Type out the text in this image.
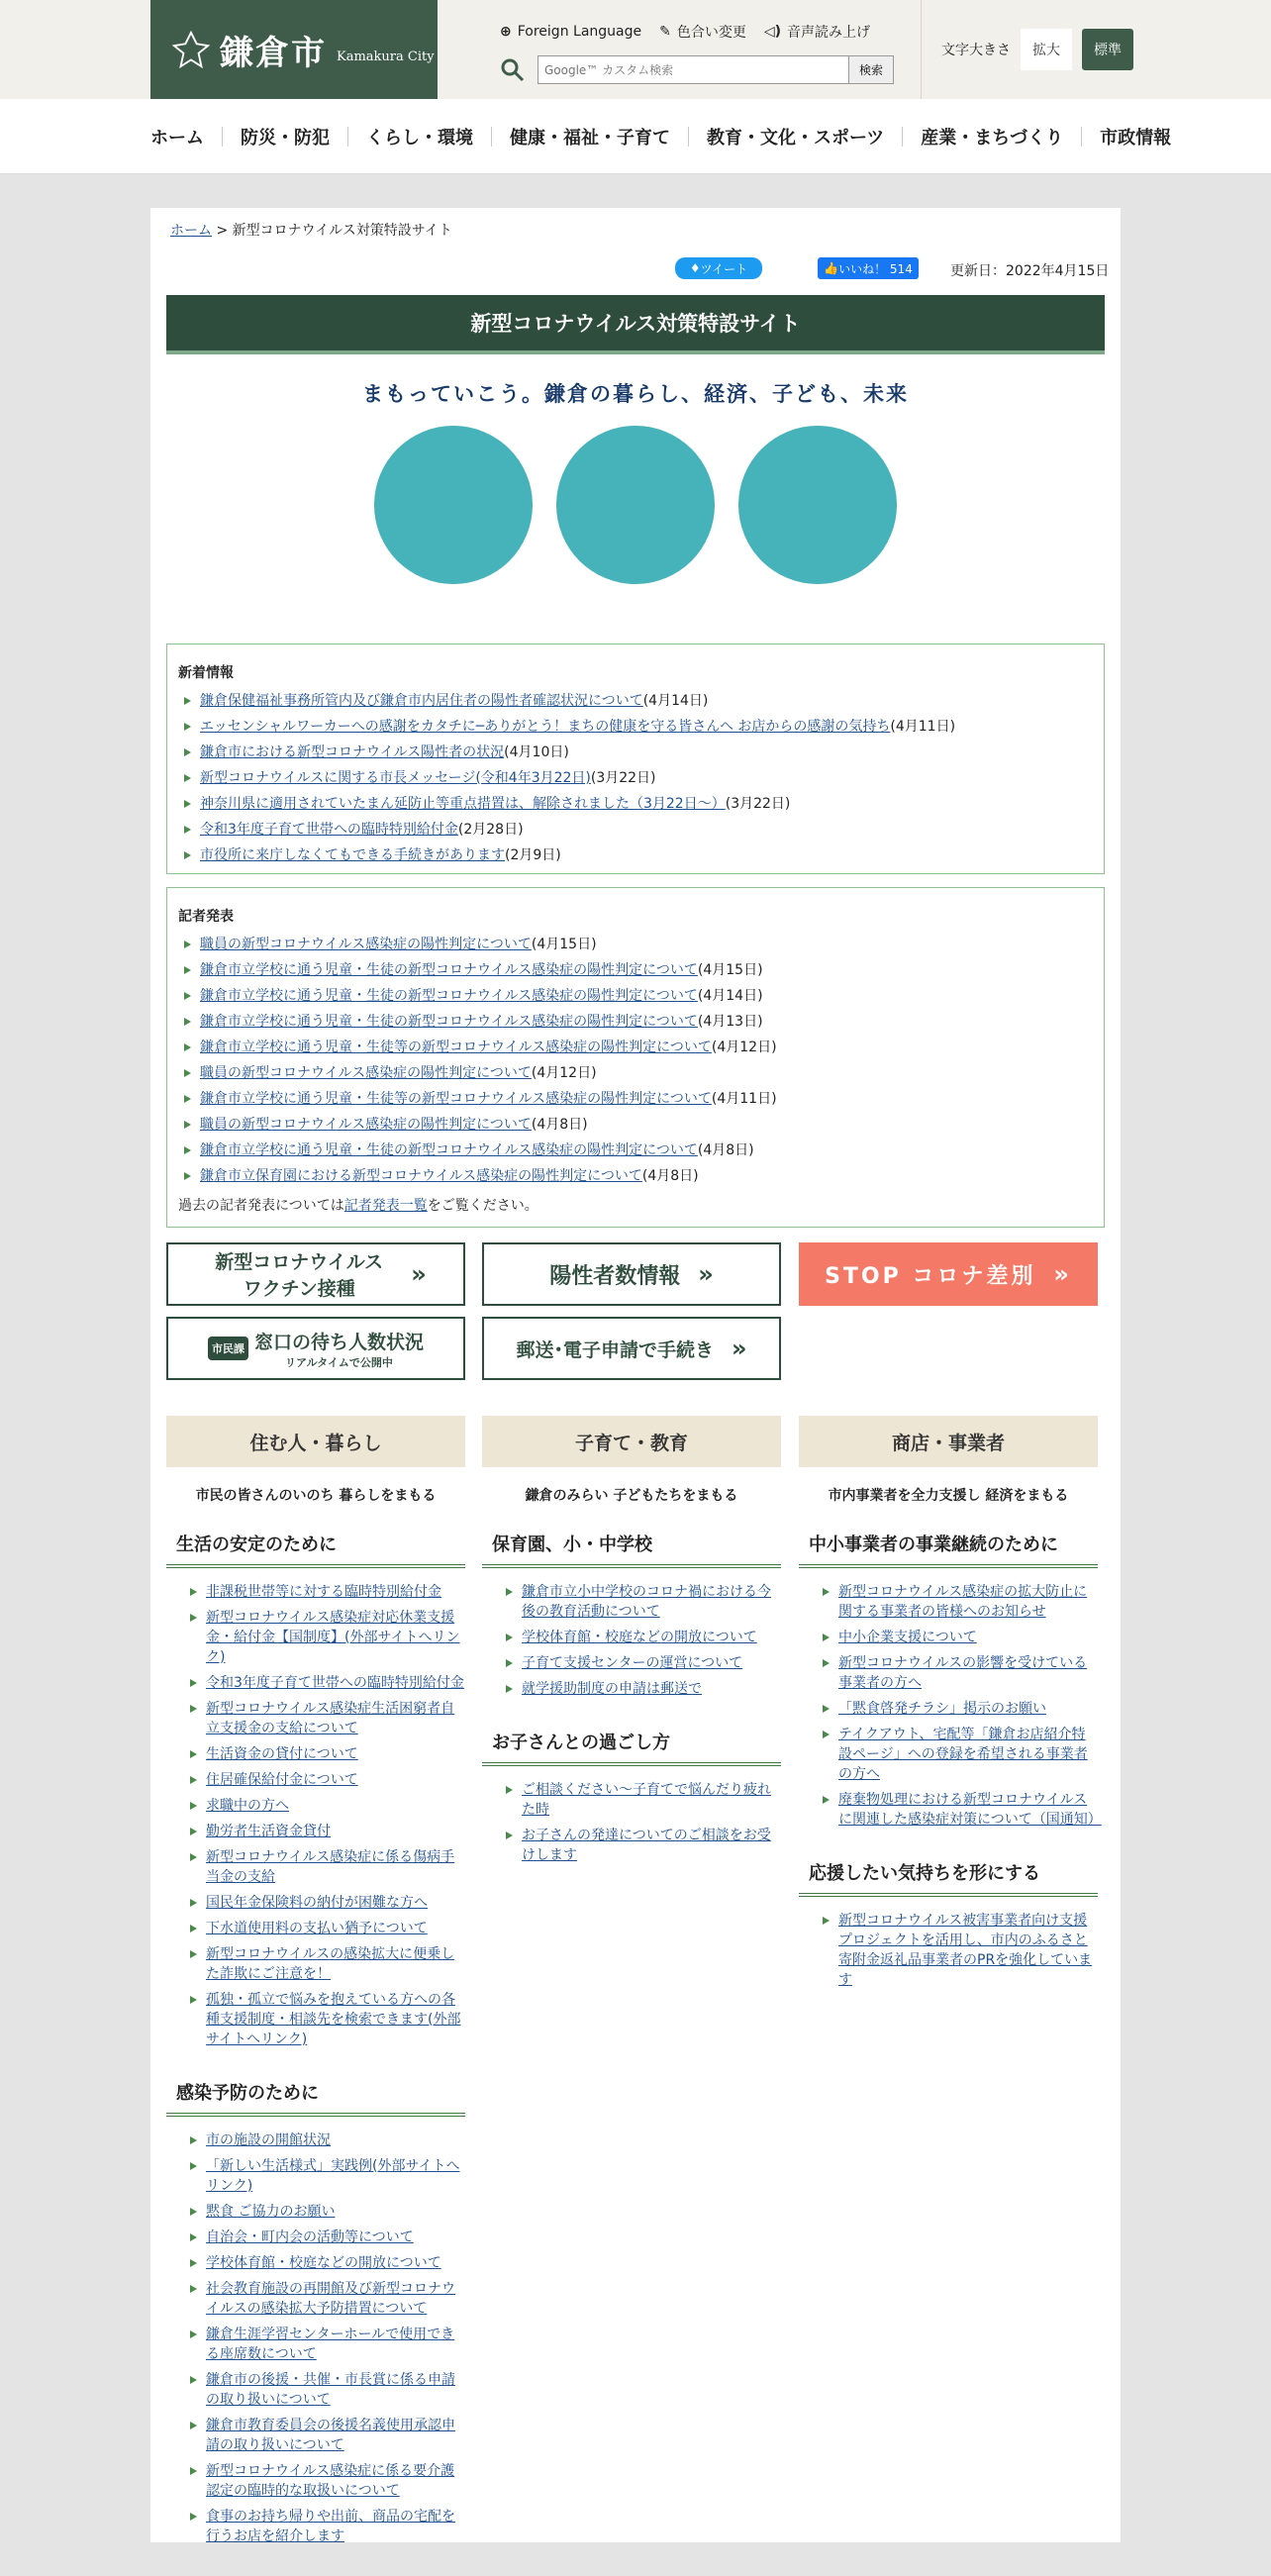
鎌倉市 Kamakura City
⊕ Foreign Language ✎ 色合い変更 ◁) 音声読み上げ
Google™ カスタム検索
検索
文字大きさ	拡大	標準
ホーム 防災・防犯 くらし・環境 健康・福祉・子育て 教育・文化・スポーツ 産業・まちづくり 市政情報
ホーム > 新型コロナウイルス対策特設サイト
♦ ツイート	👍 いいね！ 514	更新日：2022年4月15日
新型コロナウイルス対策特設サイト
まもっていこう。鎌倉の暮らし、経済、子ども、未来
新着情報
鎌倉保健福祉事務所管内及び鎌倉市内居住者の陽性者確認状況について(4月14日)
エッセンシャルワーカーへの感謝をカタチに─ありがとう！まちの健康を守る皆さんへ お店からの感謝の気持ち(4月11日)
鎌倉市における新型コロナウイルス陽性者の状況(4月10日)
新型コロナウイルスに関する市長メッセージ(令和4年3月22日)(3月22日)
神奈川県に適用されていたまん延防止等重点措置は、解除されました（3月22日～）(3月22日)
令和3年度子育て世帯への臨時特別給付金(2月28日)
市役所に来庁しなくてもできる手続きがあります(2月9日)
記者発表
職員の新型コロナウイルス感染症の陽性判定について(4月15日)
鎌倉市立学校に通う児童・生徒の新型コロナウイルス感染症の陽性判定について(4月15日)
鎌倉市立学校に通う児童・生徒の新型コロナウイルス感染症の陽性判定について(4月14日)
鎌倉市立学校に通う児童・生徒の新型コロナウイルス感染症の陽性判定について(4月13日)
鎌倉市立学校に通う児童・生徒等の新型コロナウイルス感染症の陽性判定について(4月12日)
職員の新型コロナウイルス感染症の陽性判定について(4月12日)
鎌倉市立学校に通う児童・生徒等の新型コロナウイルス感染症の陽性判定について(4月11日)
職員の新型コロナウイルス感染症の陽性判定について(4月8日)
鎌倉市立学校に通う児童・生徒の新型コロナウイルス感染症の陽性判定について(4月8日)
鎌倉市立保育園における新型コロナウイルス感染症の陽性判定について(4月8日)

過去の記者発表については記者発表一覧をご覧ください。

新型コロナウイルス ワクチン接種
»	陽性者数情報 »	STOP コロナ差別 »
市民課 窓口の待ち人数状況
リアルタイムで公開中
郵送･電子申請で手続き »
住む人・暮らし
市民の皆さんのいのち 暮らしをまもる
生活の安定のために
非課税世帯等に対する臨時特別給付金
新型コロナウイルス感染症対応休業支援金・給付金【国制度】(外部サイトへリンク)
令和3年度子育て世帯への臨時特別給付金
新型コロナウイルス感染症生活困窮者自立支援金の支給について
生活資金の貸付について
住居確保給付金について
求職中の方へ
勤労者生活資金貸付
新型コロナウイルス感染症に係る傷病手当金の支給
国民年金保険料の納付が困難な方へ
下水道使用料の支払い猶予について
新型コロナウイルスの感染拡大に便乗した詐欺にご注意を！
孤独・孤立で悩みを抱えている方への各種支援制度・相談先を検索できます(外部サイトへリンク)
感染予防のために
市の施設の開館状況
「新しい生活様式」実践例(外部サイトへリンク)
黙食 ご協力のお願い
自治会・町内会の活動等について
学校体育館・校庭などの開放について
社会教育施設の再開館及び新型コロナウイルスの感染拡大予防措置について
鎌倉生涯学習センターホールで使用できる座席数について
鎌倉市の後援・共催・市長賞に係る申請の取り扱いについて
鎌倉市教育委員会の後援名義使用承認申請の取り扱いについて
新型コロナウイルス感染症に係る要介護認定の臨時的な取扱いについて
食事のお持ち帰りや出前、商品の宅配を行うお店を紹介します
子育て・教育
鎌倉のみらい 子どもたちをまもる
保育園、小・中学校
鎌倉市立小中学校のコロナ禍における今後の教育活動について
学校体育館・校庭などの開放について
子育て支援センターの運営について
就学援助制度の申請は郵送で
お子さんとの過ごし方
ご相談ください～子育てで悩んだり疲れた時
お子さんの発達についてのご相談をお受けします
商店・事業者
市内事業者を全力支援し 経済をまもる
中小事業者の事業継続のために
新型コロナウイルス感染症の拡大防止に関する事業者の皆様へのお知らせ
中小企業支援について
新型コロナウイルスの影響を受けている事業者の方へ
「黙食啓発チラシ」掲示のお願い
テイクアウト、宅配等「鎌倉お店紹介特設ページ」への登録を希望される事業者の方へ
廃棄物処理における新型コロナウイルスに関連した感染症対策について（国通知）
応援したい気持ちを形にする
新型コロナウイルス被害事業者向け支援プロジェクトを活用し、市内のふるさと寄附金返礼品事業者のPRを強化しています
